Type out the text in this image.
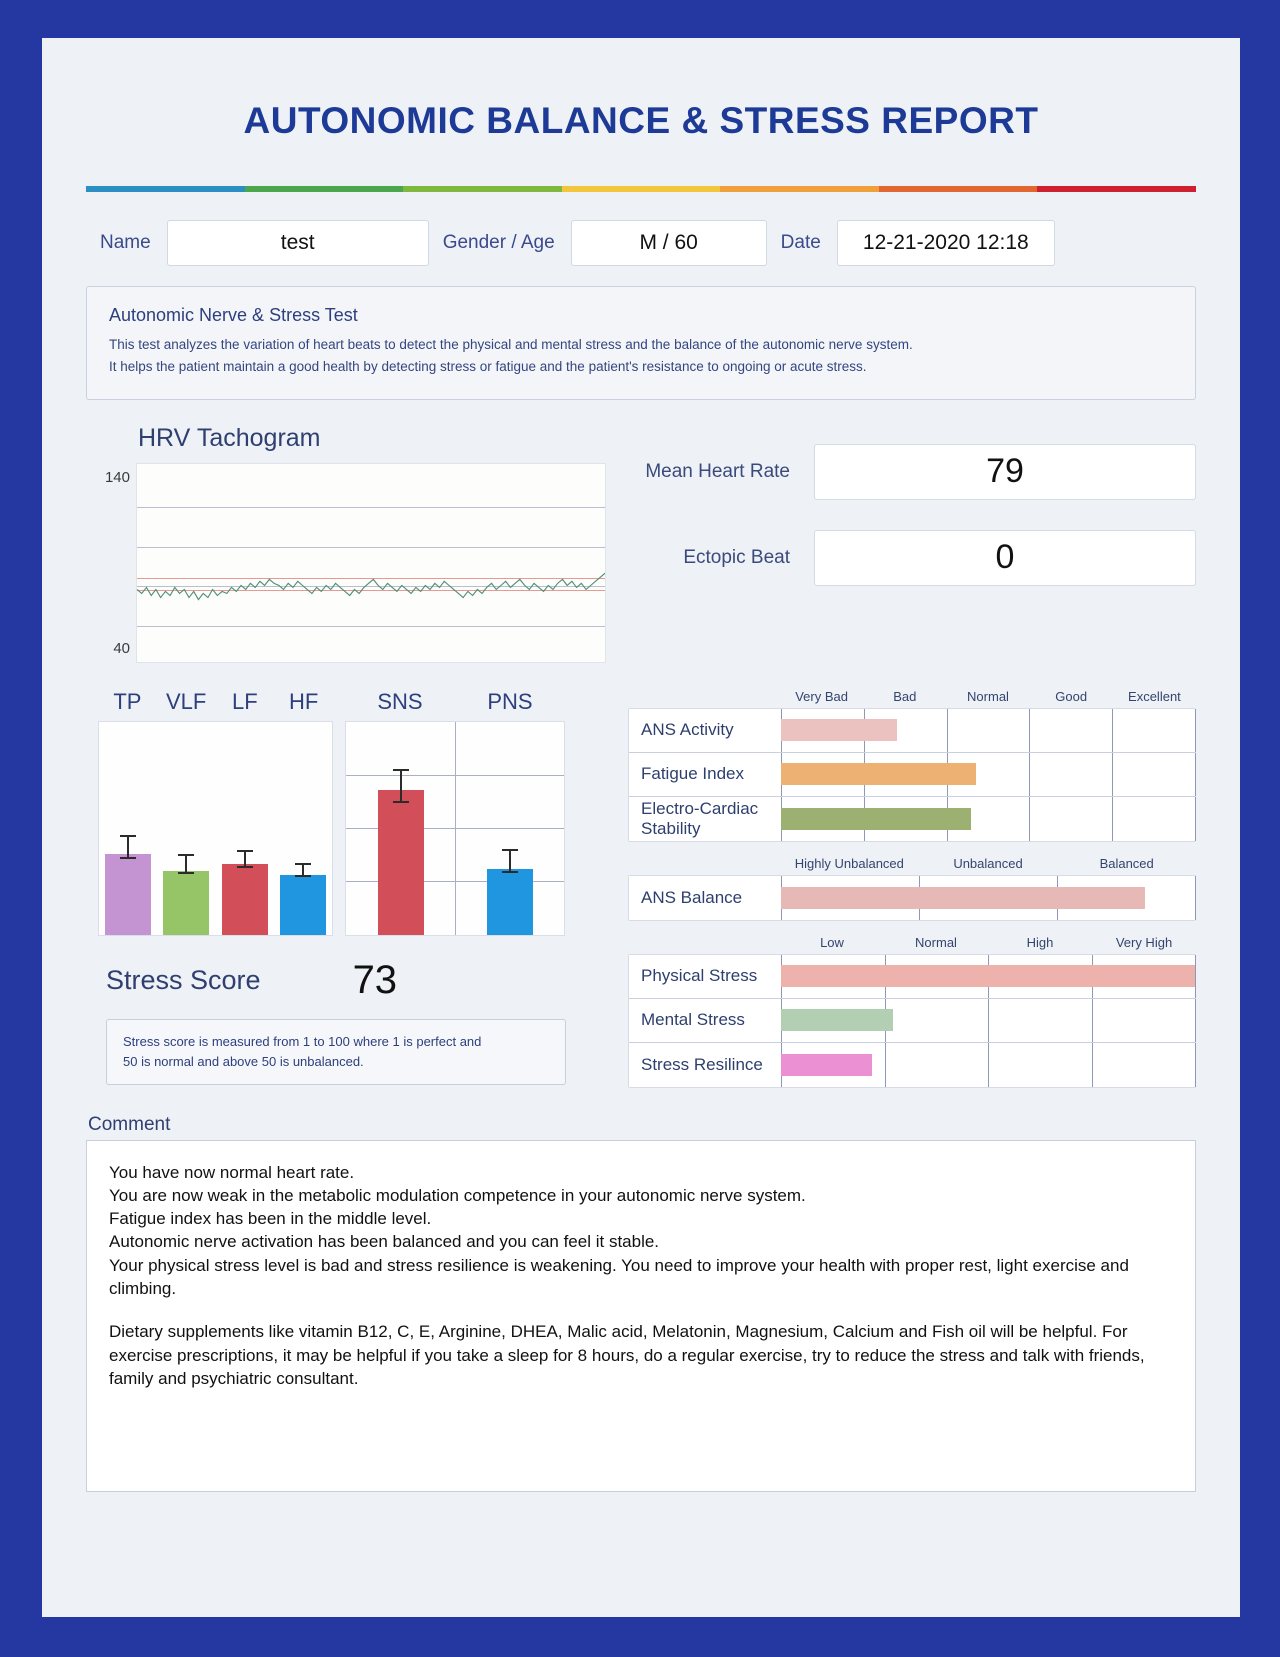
AUTONOMIC BALANCE & STRESS REPORT
Name	test	Gender / Age	M / 60	Date	12-21-2020 12:18
Autonomic Nerve & Stress Test
This test analyzes the variation of heart beats to detect the physical and mental stress and the balance of the autonomic nerve system.
It helps the patient maintain a good health by detecting stress or fatigue and the patient's resistance to ongoing or acute stress.
HRV Tachogram
140
40
Mean Heart Rate	79
Ectopic Beat	0
TP	VLF	LF	HF	SNS	PNS
Stress Score 73
Stress score is measured from 1 to 100 where 1 is perfect and
50 is normal and above 50 is unbalanced.
Very Bad	Bad	Normal	Good	Excellent
ANS Activity
Fatigue Index
Electro-Cardiac Stability
Highly Unbalanced	Unbalanced	Balanced
ANS Balance
Low	Normal	High	Very High
Physical Stress
Mental Stress
Stress Resilince
Comment

You have now normal heart rate.

You are now weak in the metabolic modulation competence in your autonomic nerve system.

Fatigue index has been in the middle level.

Autonomic nerve activation has been balanced and you can feel it stable.

Your physical stress level is bad and stress resilience is weakening. You need to improve your health with proper rest, light exercise and climbing.

Dietary supplements like vitamin B12, C, E, Arginine, DHEA, Malic acid, Melatonin, Magnesium, Calcium and Fish oil will be helpful. For exercise prescriptions, it may be helpful if you take a sleep for 8 hours, do a regular exercise, try to reduce the stress and talk with friends, family and psychiatric consultant.
